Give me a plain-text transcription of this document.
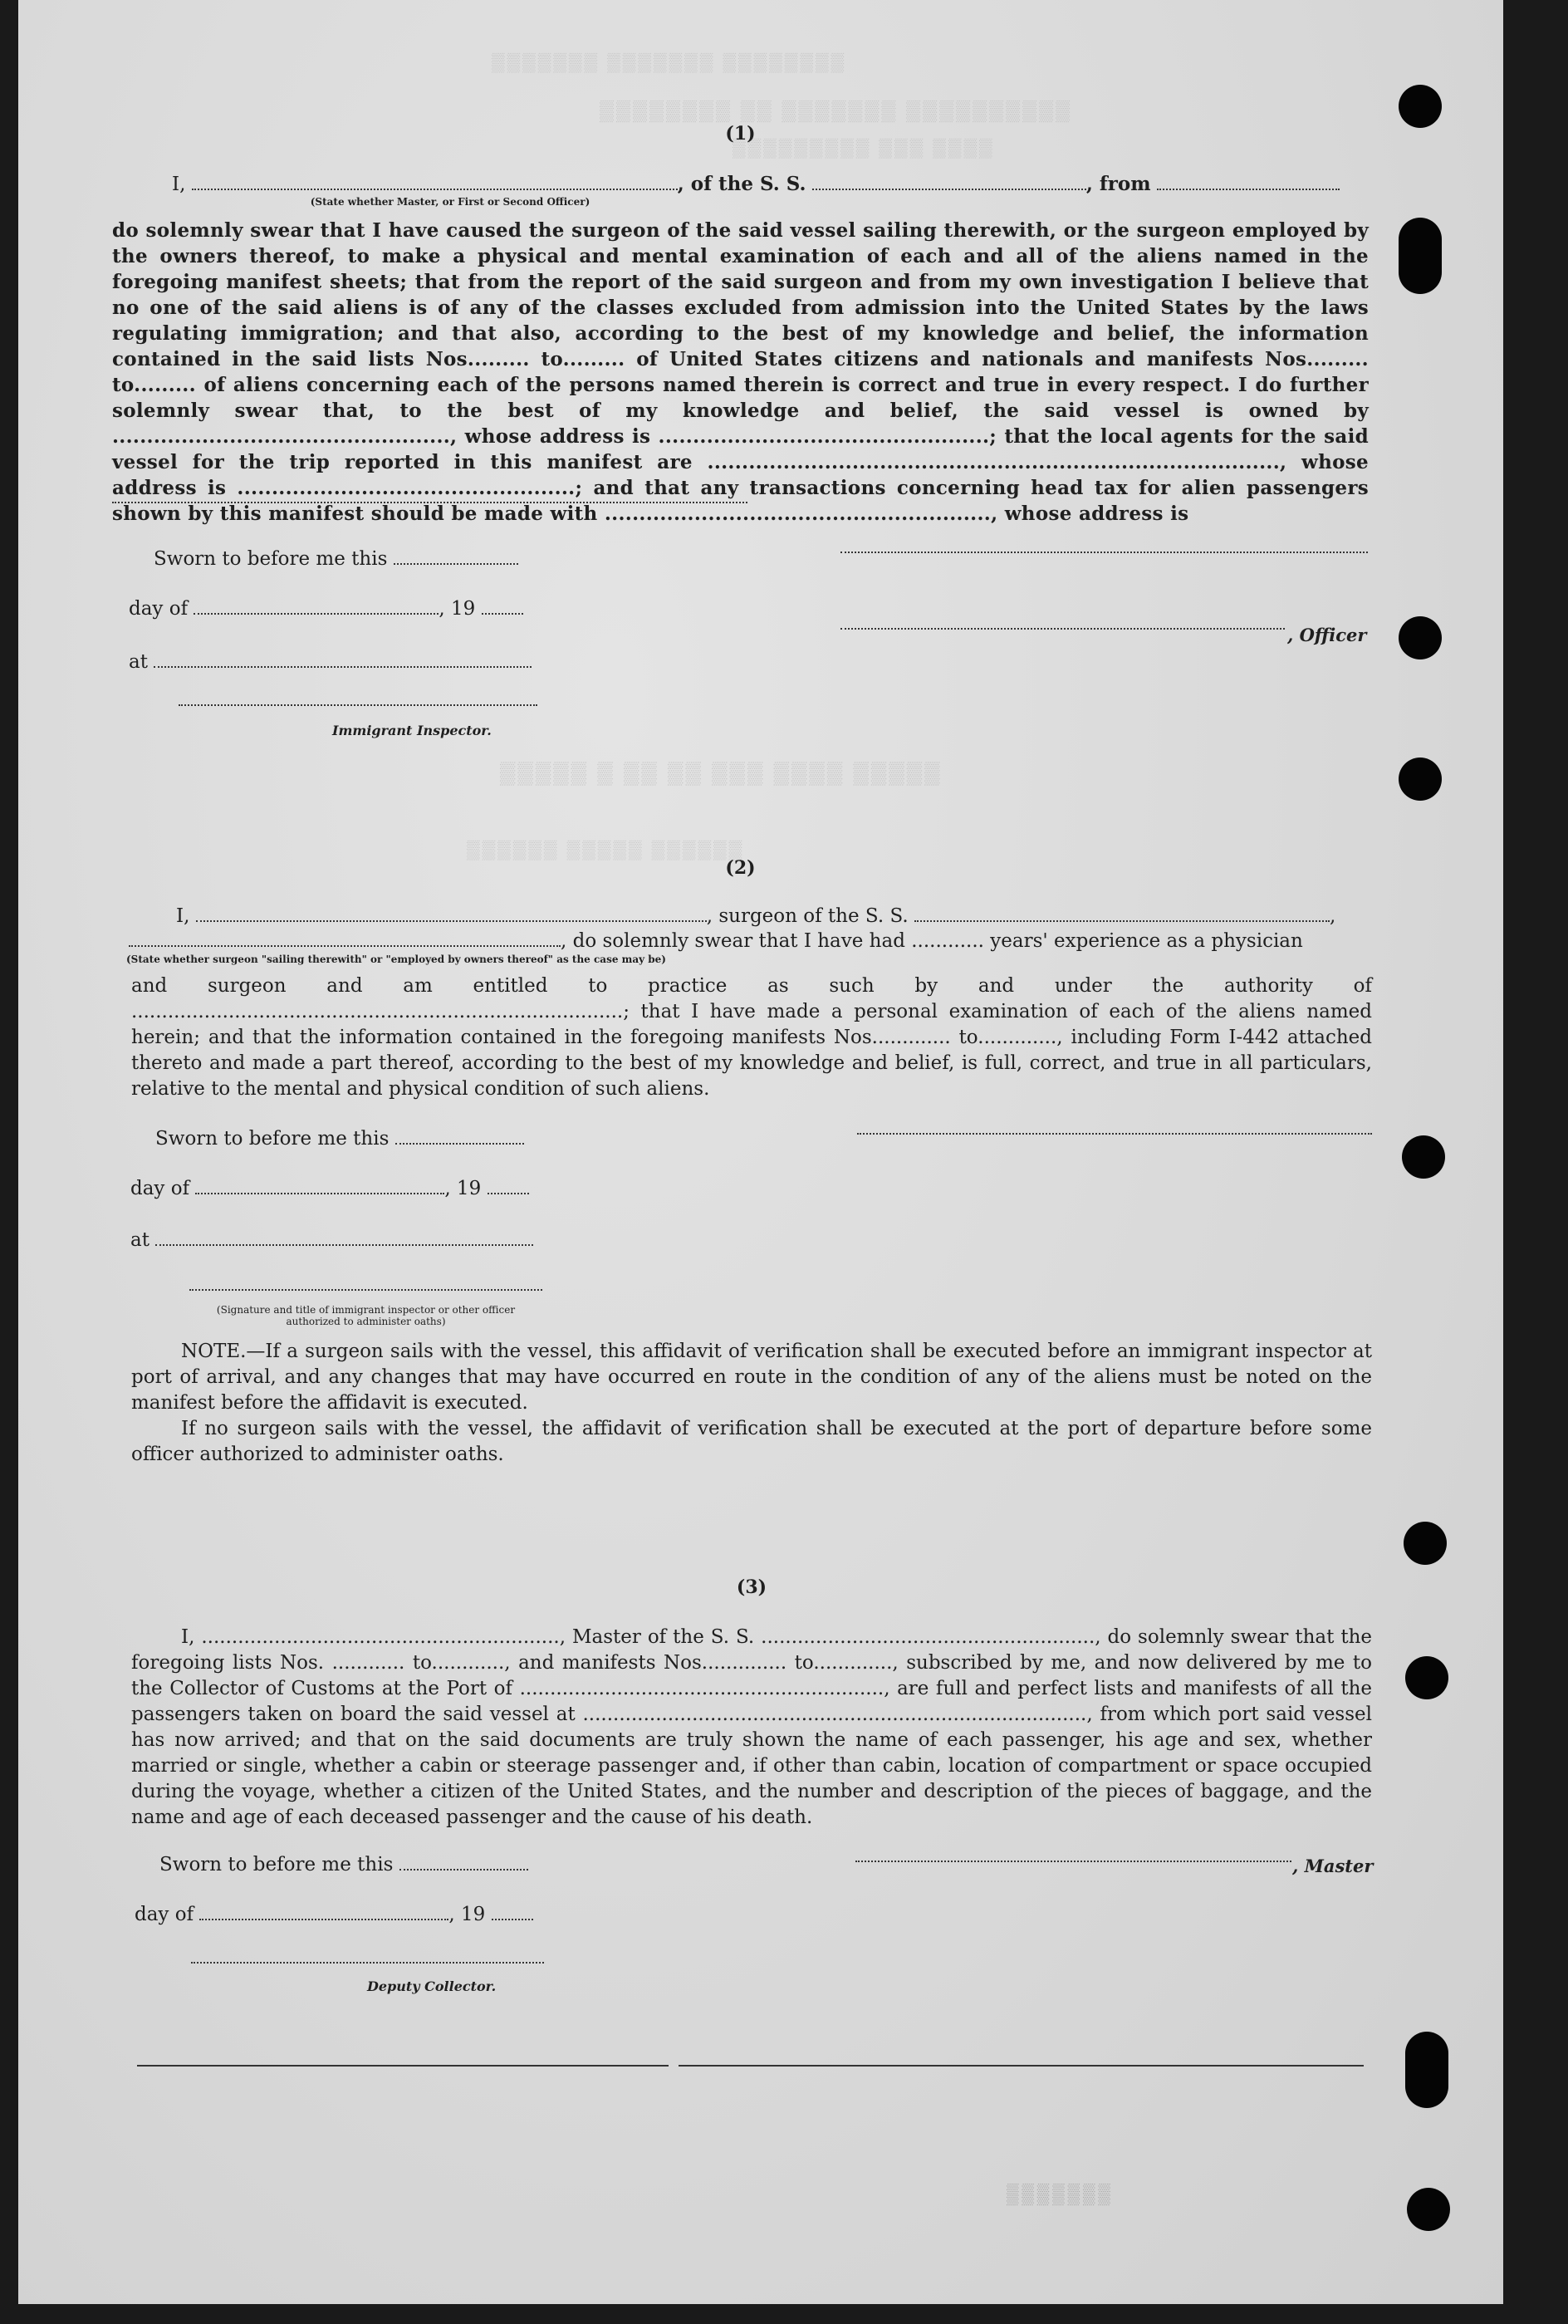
▒▒▒▒▒▒▒ ▒▒▒▒▒▒▒ ▒▒▒▒▒▒▒▒
▒▒▒▒▒▒▒▒ ▒▒ ▒▒▒▒▒▒▒ ▒▒▒▒▒▒▒▒▒▒
▒▒▒▒▒▒▒▒▒ ▒▒▒ ▒▒▒▒
▒▒▒▒▒ ▒ ▒▒ ▒▒ ▒▒▒ ▒▒▒▒ ▒▒▒▒▒
▒▒▒▒▒▒ ▒▒▒▒▒ ▒▒▒▒▒▒
▒▒▒▒▒▒▒
(1)
I,	, of the S. S.	, from
(State whether Master, or First or Second Officer)
do solemnly swear that I have caused the surgeon of the said vessel sailing therewith, or the surgeon employed by the owners thereof, to make a physical and mental examination of each and all of the aliens named in the foregoing manifest sheets; that from the report of the said surgeon and from my own investigation I believe that no one of the said aliens is of any of the classes excluded from admission into the United States by the laws regulating immigration; and that also, according to the best of my knowledge and belief, the information contained in the said lists Nos......... to......... of United States citizens and nationals and manifests Nos......... to......... of aliens concerning each of the persons named therein is correct and true in every respect. I do further solemnly swear that, to the best of my knowledge and belief, the said vessel is owned by ................................................., whose address is ................................................; that the local agents for the said vessel for the trip reported in this manifest are ..................................................................................., whose address is .................................................; and that any transactions concerning head tax for alien passengers shown by this manifest should be made with ........................................................, whose address is
Sworn to before me this
day of	, 19
, Officer
at
Immigrant Inspector.
(2)
I,	, surgeon of the S. S.	,
, do solemnly swear that I have had ............ years' experience as a physician
(State whether surgeon "sailing therewith" or "employed by owners thereof" as the case may be)
and surgeon and am entitled to practice as such by and under the authority of .................................................................................; that I have made a personal examination of each of the aliens named herein; and that the information contained in the foregoing manifests Nos............. to............., including Form I-442 attached thereto and made a part thereof, according to the best of my knowledge and belief, is full, correct, and true in all particulars, relative to the mental and physical condition of such aliens.
Sworn to before me this
day of	, 19
at
(Signature and title of immigrant inspector or other officer authorized to administer oaths)
NOTE.—If a surgeon sails with the vessel, this affidavit of verification shall be executed before an immigrant inspector at port of arrival, and any changes that may have occurred en route in the condition of any of the aliens must be noted on the manifest before the affidavit is executed.
If no surgeon sails with the vessel, the affidavit of verification shall be executed at the port of departure before some officer authorized to administer oaths.
(3)
I, ..........................................................., Master of the S. S. ......................................................., do solemnly swear that the foregoing lists Nos. ............ to............, and manifests Nos.............. to............., subscribed by me, and now delivered by me to the Collector of Customs at the Port of ............................................................, are full and perfect lists and manifests of all the passengers taken on board the said vessel at ..................................................................................., from which port said vessel has now arrived; and that on the said documents are truly shown the name of each passenger, his age and sex, whether married or single, whether a cabin or steerage passenger and, if other than cabin, location of compartment or space occupied during the voyage, whether a citizen of the United States, and the number and description of the pieces of baggage, and the name and age of each deceased passenger and the cause of his death.
Sworn to before me this	, Master
day of	, 19
Deputy Collector.
